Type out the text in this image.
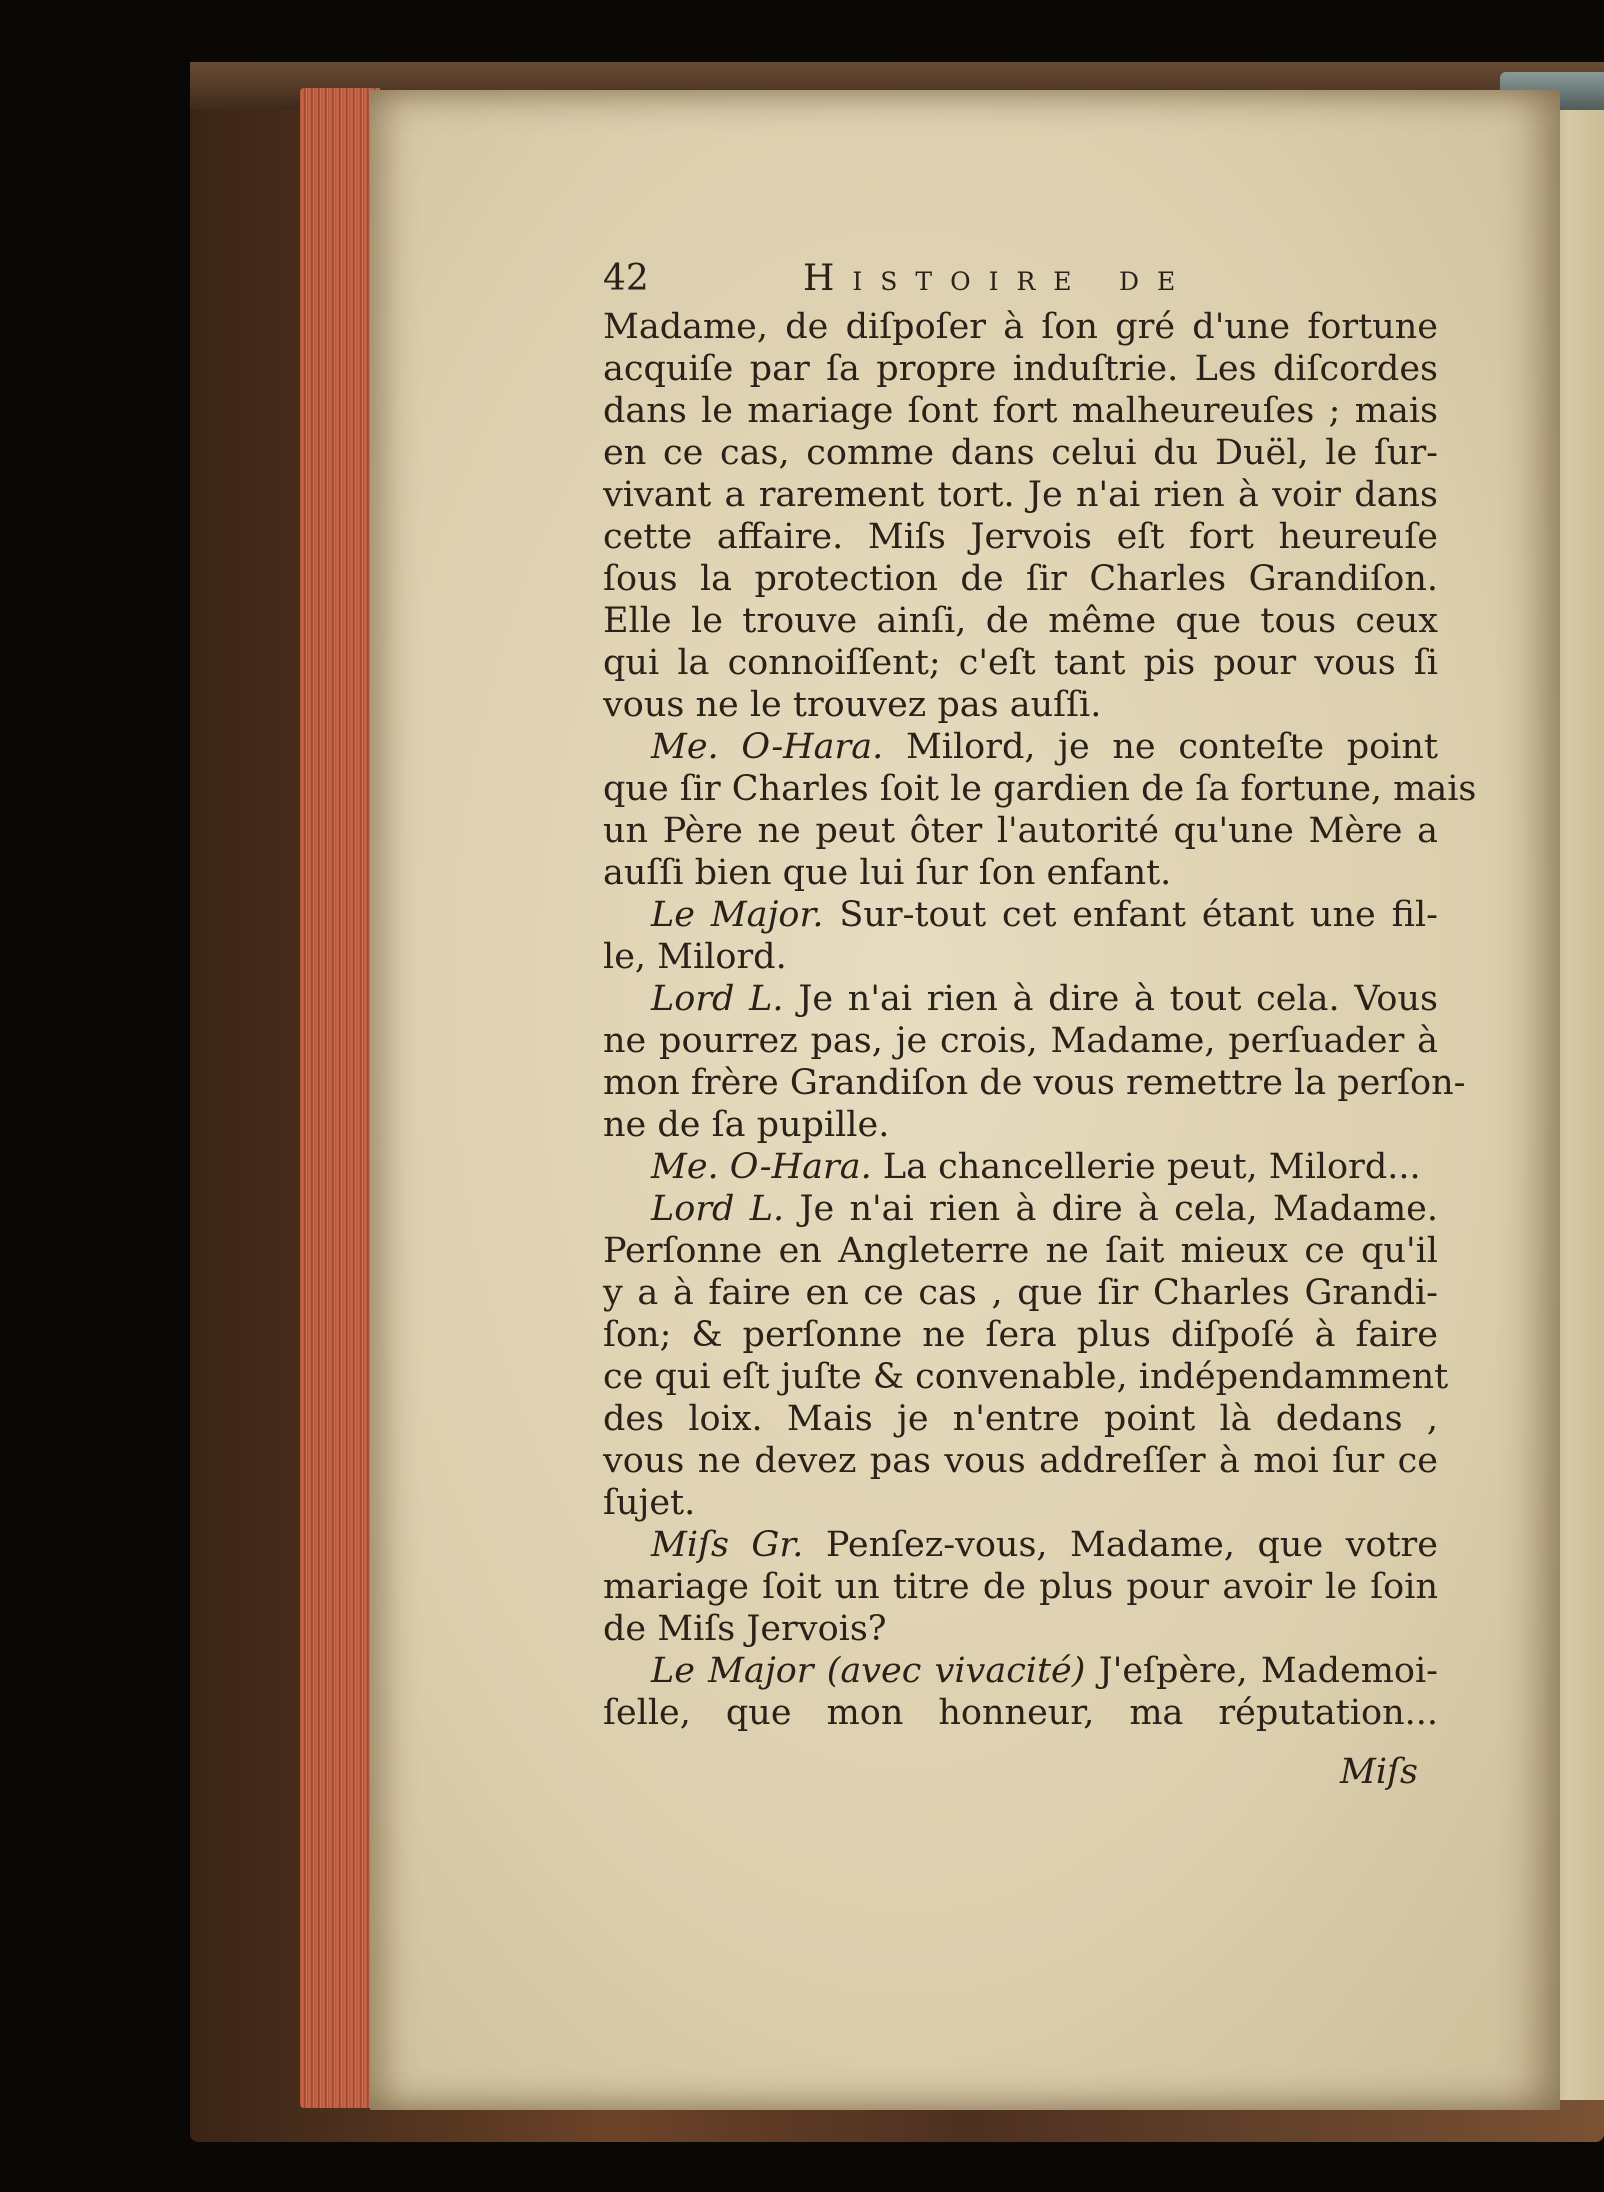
42	Histoire de
Madame, de diſpoſer à ſon gré d'une fortune
acquiſe par ſa propre induſtrie. Les diſcordes
dans le mariage ſont fort malheureuſes ; mais
en ce cas, comme dans celui du Duël, le ſur-
vivant a rarement tort. Je n'ai rien à voir dans
cette affaire. Miſs Jervois eſt fort heureuſe
ſous la protection de ſir Charles Grandiſon.
Elle le trouve ainſi, de même que tous ceux
qui la connoiſſent; c'eſt tant pis pour vous ſi
vous ne le trouvez pas auſſi.
Me. O-Hara. Milord, je ne conteſte point
que ſir Charles ſoit le gardien de ſa fortune, mais
un Père ne peut ôter l'autorité qu'une Mère a
auſſi bien que lui ſur ſon enfant.
Le Major. Sur-tout cet enfant étant une fil-
le, Milord.
Lord L. Je n'ai rien à dire à tout cela. Vous
ne pourrez pas, je crois, Madame, perſuader à
mon frère Grandiſon de vous remettre la perſon-
ne de ſa pupille.
Me. O-Hara. La chancellerie peut, Milord...
Lord L. Je n'ai rien à dire à cela, Madame.
Perſonne en Angleterre ne ſait mieux ce qu'il
y a à faire en ce cas , que ſir Charles Grandi-
ſon; & perſonne ne ſera plus diſpoſé à faire
ce qui eſt juſte & convenable, indépendamment
des loix. Mais je n'entre point là dedans ,
vous ne devez pas vous addreſſer à moi ſur ce
ſujet.
Miſs Gr. Penſez-vous, Madame, que votre
mariage ſoit un titre de plus pour avoir le ſoin
de Miſs Jervois?
Le Major (avec vivacité) J'eſpère, Mademoi-
ſelle, que mon honneur, ma réputation...
Miſs
